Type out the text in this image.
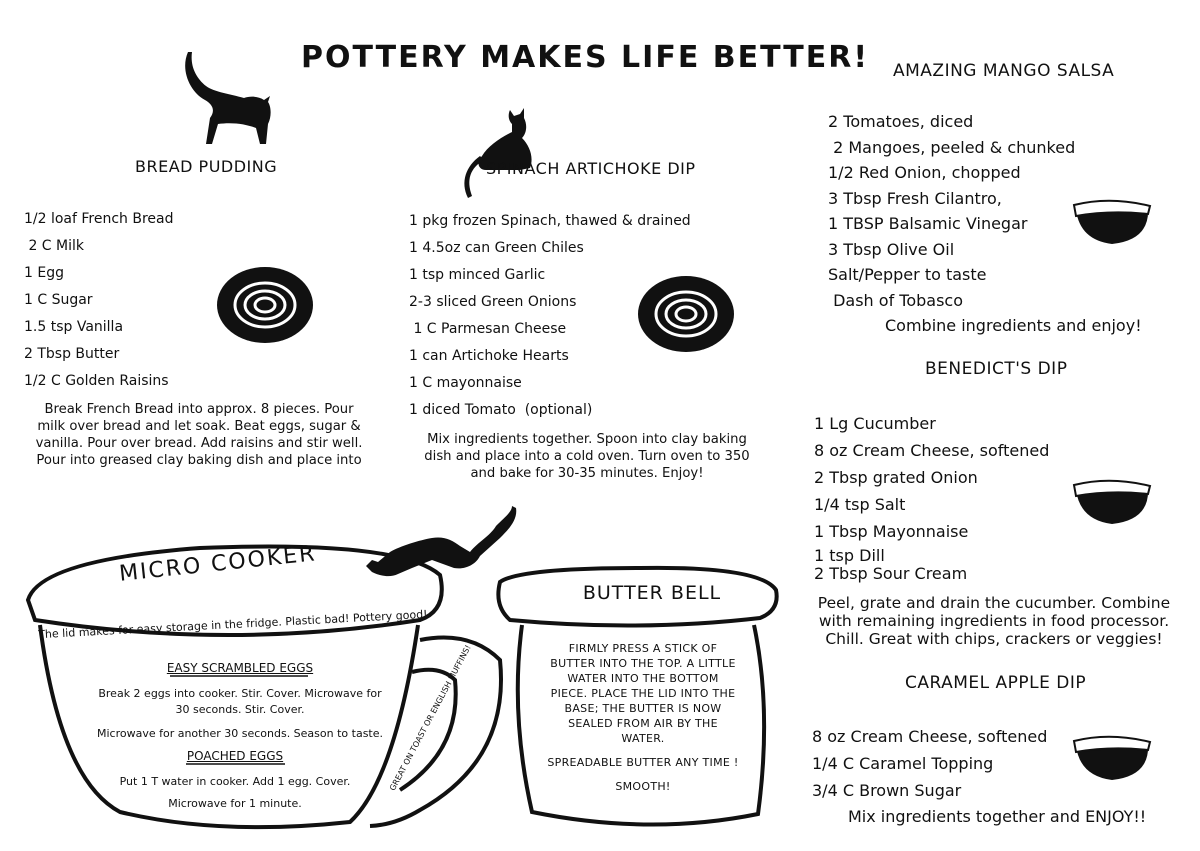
POTTERY MAKES LIFE BETTER!
BREAD PUDDING
1/2 loaf French Bread
2 C Milk
1 Egg
1 C Sugar
1.5 tsp Vanilla
2 Tbsp Butter
1/2 C Golden Raisins
Break French Bread into approx. 8 pieces. Pour
milk over bread and let soak. Beat eggs, sugar &
vanilla. Pour over bread. Add raisins and stir well.
Pour into greased clay baking dish and place into
SPINACH ARTICHOKE DIP
1 pkg frozen Spinach, thawed & drained
1 4.5oz can Green Chiles
1 tsp minced Garlic
2-3 sliced Green Onions
1 C Parmesan Cheese
1 can Artichoke Hearts
1 C mayonnaise
1 diced Tomato  (optional)
Mix ingredients together. Spoon into clay baking
dish and place into a cold oven. Turn oven to 350
and bake for 30-35 minutes. Enjoy!
AMAZING MANGO SALSA
2 Tomatoes, diced
2 Mangoes, peeled & chunked
1/2 Red Onion, chopped
3 Tbsp Fresh Cilantro,
1 TBSP Balsamic Vinegar
3 Tbsp Olive Oil
Salt/Pepper to taste
Dash of Tobasco
Combine ingredients and enjoy!
BENEDICT'S DIP
1 Lg Cucumber
8 oz Cream Cheese, softened
2 Tbsp grated Onion
1/4 tsp Salt
1 Tbsp Mayonnaise
1 tsp Dill
2 Tbsp Sour Cream
Peel, grate and drain the cucumber. Combine
with remaining ingredients in food processor.
Chill. Great with chips, crackers or veggies!
CARAMEL APPLE DIP
8 oz Cream Cheese, softened
1/4 C Caramel Topping
3/4 C Brown Sugar
Mix ingredients together and ENJOY!!
MICRO COOKER
The lid makes for easy storage in the fridge. Plastic bad! Pottery good!
GREAT ON TOAST OR ENGLISH MUFFINS!
EASY SCRAMBLED EGGS
Break 2 eggs into cooker. Stir. Cover. Microwave for
30 seconds. Stir. Cover.
Microwave for another 30 seconds. Season to taste.
POACHED EGGS
Put 1 T water in cooker. Add 1 egg. Cover.
Microwave for 1 minute.
BUTTER BELL
FIRMLY PRESS A STICK OF
BUTTER INTO THE TOP. A LITTLE
WATER INTO THE BOTTOM
PIECE. PLACE THE LID INTO THE
BASE; THE BUTTER IS NOW
SEALED FROM AIR BY THE
WATER.
SPREADABLE BUTTER ANY TIME !
SMOOTH!
